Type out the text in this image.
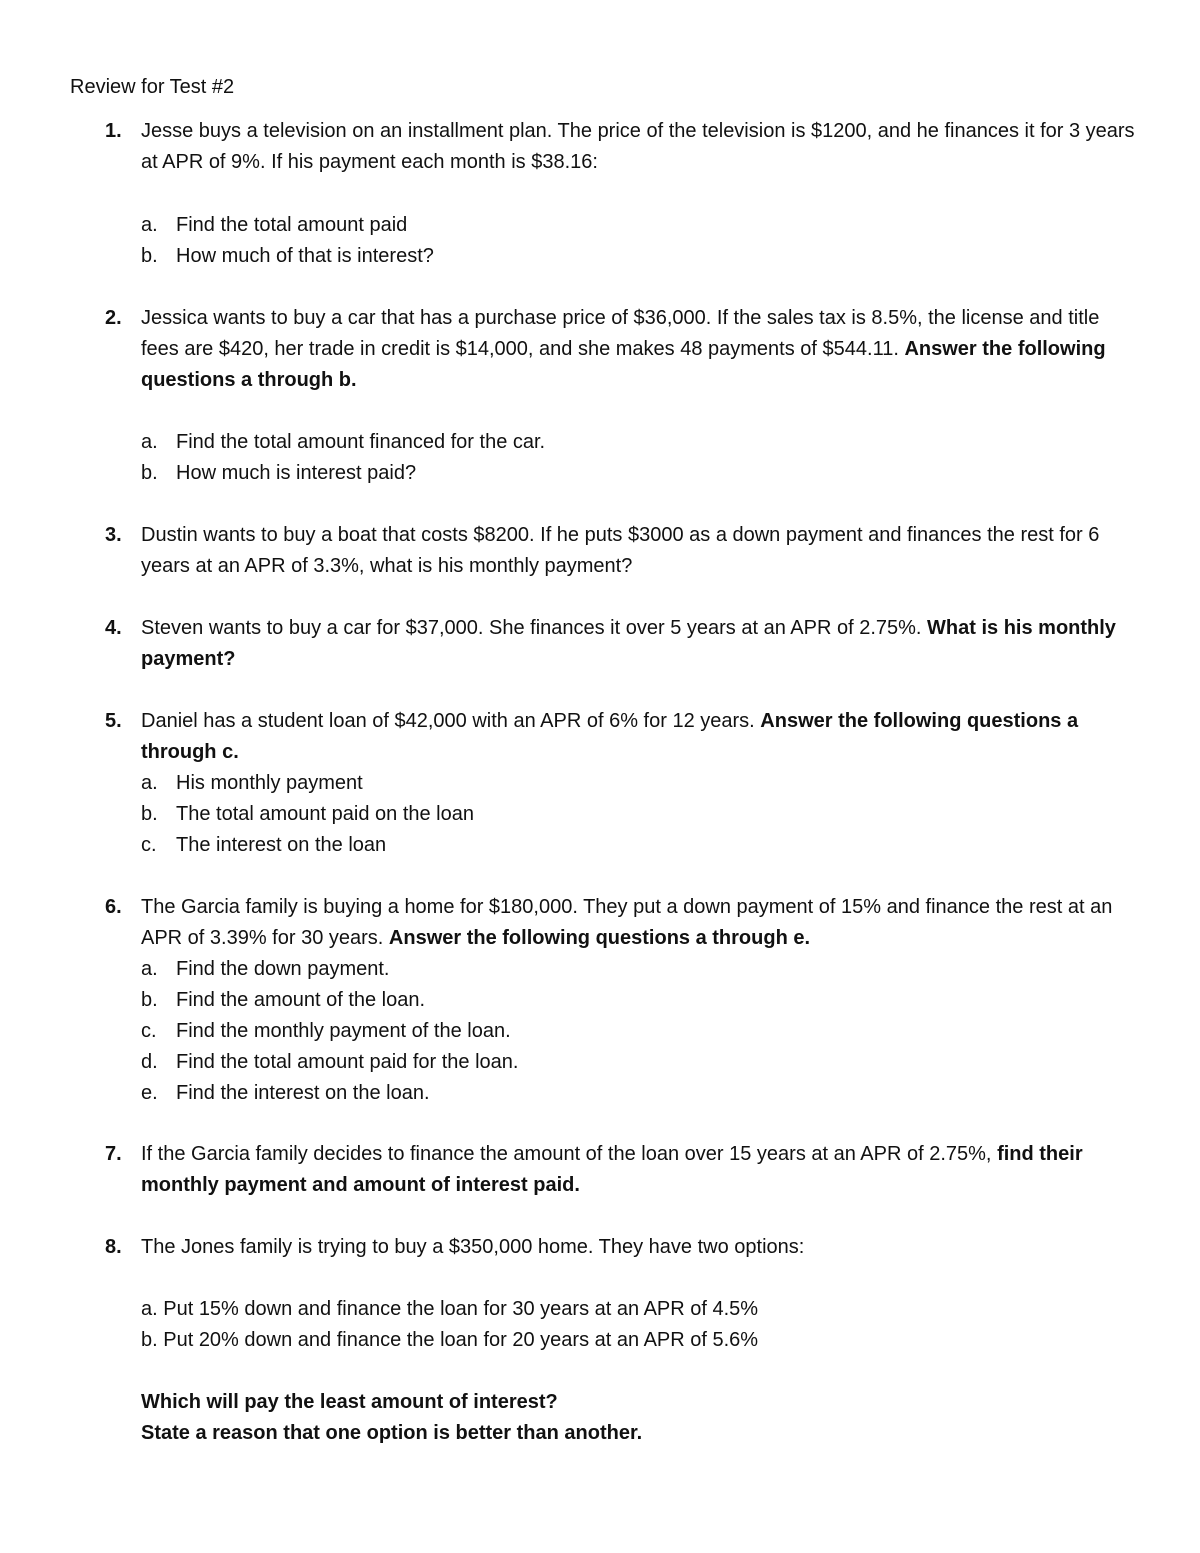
Review for Test #2
1. Jesse buys a television on an installment plan. The price of the television is $1200, and he finances it for 3 years at APR of 9%. If his payment each month is $38.16:
a. Find the total amount paid
b. How much of that is interest?
2. Jessica wants to buy a car that has a purchase price of $36,000. If the sales tax is 8.5%, the license and title fees are $420, her trade in credit is $14,000, and she makes 48 payments of $544.11. Answer the following questions a through b.
a. Find the total amount financed for the car.
b. How much is interest paid?
3. Dustin wants to buy a boat that costs $8200. If he puts $3000 as a down payment and finances the rest for 6 years at an APR of 3.3%, what is his monthly payment?
4. Steven wants to buy a car for $37,000. She finances it over 5 years at an APR of 2.75%. What is his monthly payment?
5. Daniel has a student loan of $42,000 with an APR of 6% for 12 years. Answer the following questions a through c.
a. His monthly payment
b. The total amount paid on the loan
c. The interest on the loan
6. The Garcia family is buying a home for $180,000. They put a down payment of 15% and finance the rest at an APR of 3.39% for 30 years. Answer the following questions a through e.
a. Find the down payment.
b. Find the amount of the loan.
c. Find the monthly payment of the loan.
d. Find the total amount paid for the loan.
e. Find the interest on the loan.
7. If the Garcia family decides to finance the amount of the loan over 15 years at an APR of 2.75%, find their monthly payment and amount of interest paid.
8. The Jones family is trying to buy a $350,000 home. They have two options:
a. Put 15% down and finance the loan for 30 years at an APR of 4.5%
b. Put 20% down and finance the loan for 20 years at an APR of 5.6%
Which will pay the least amount of interest?
State a reason that one option is better than another.
